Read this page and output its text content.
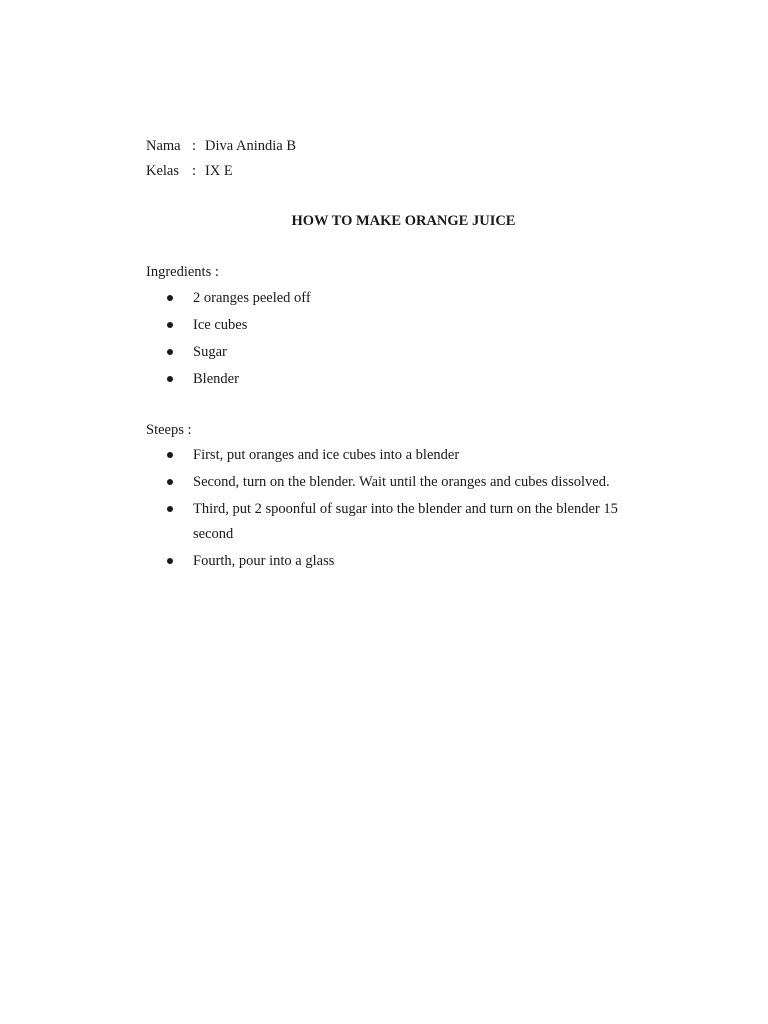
Nama : Diva Anindia B
Kelas : IX E
HOW TO MAKE ORANGE JUICE
Ingredients :
2 oranges peeled off
Ice cubes
Sugar
Blender
Steeps :
First, put oranges and ice cubes into a blender
Second, turn on the blender. Wait until the oranges and cubes dissolved.
Third, put 2 spoonful of sugar into the blender and turn on the blender 15 second
Fourth, pour into a glass
